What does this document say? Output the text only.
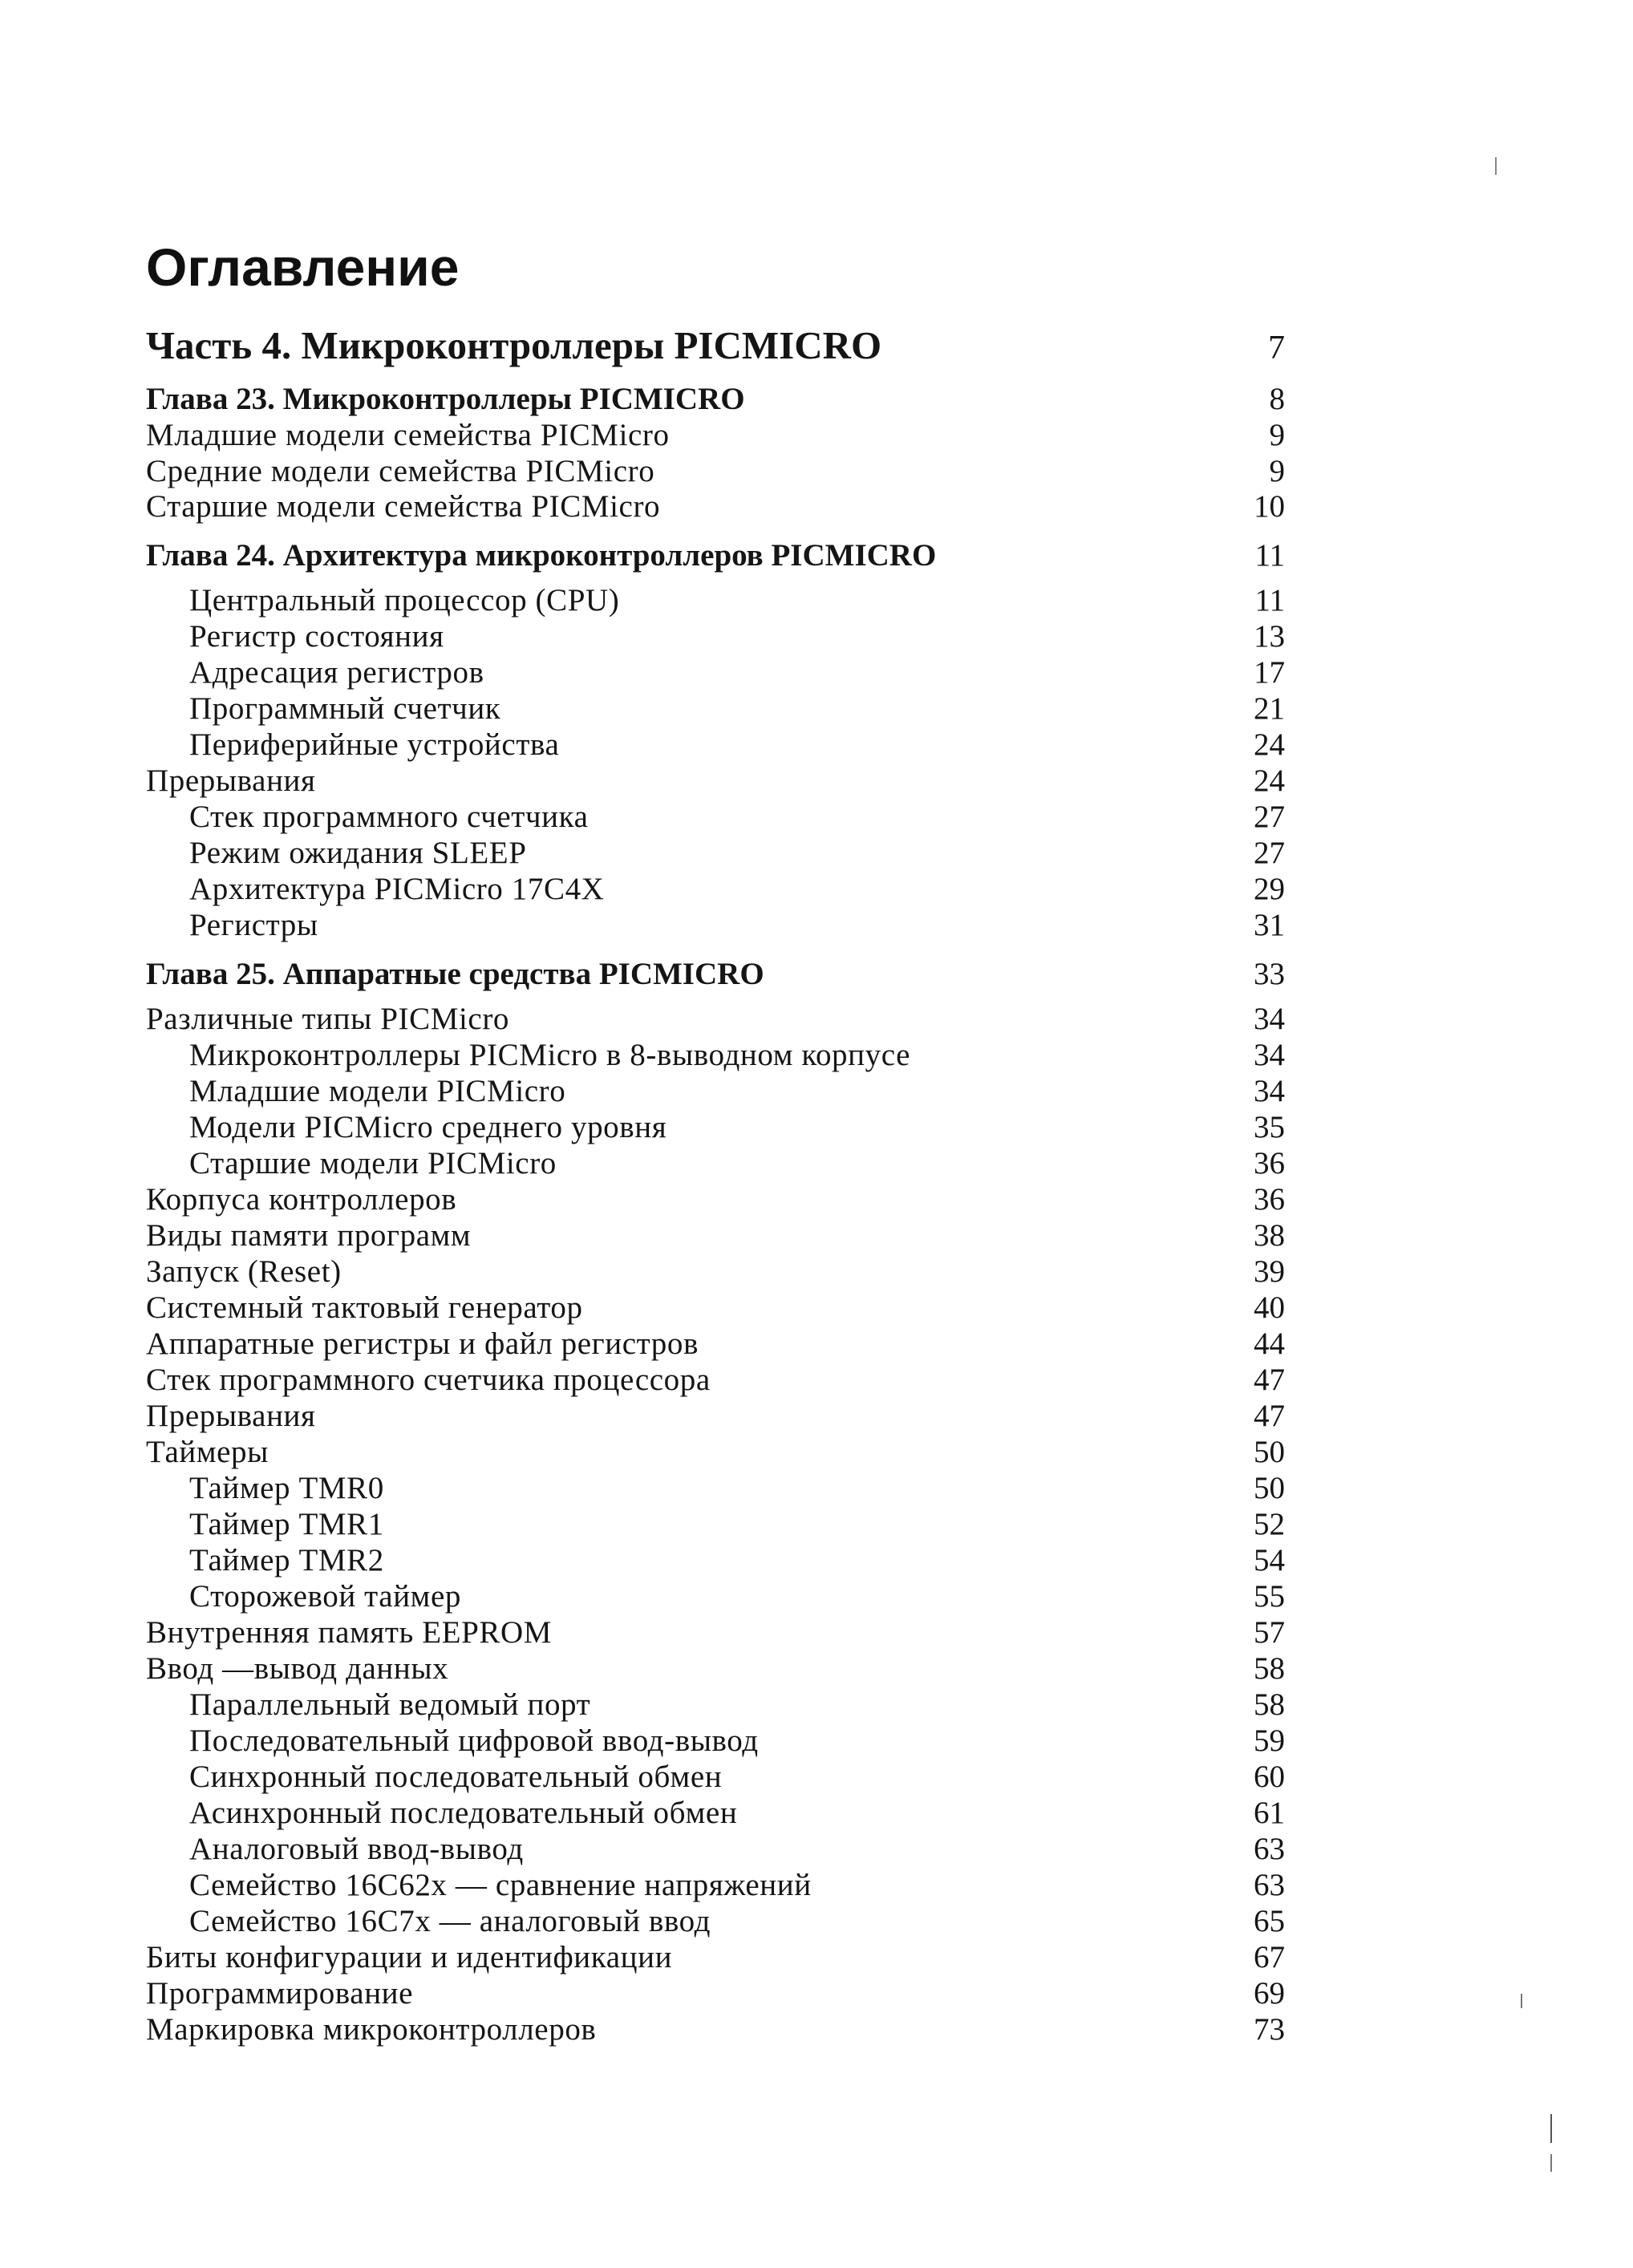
Оглавление
Часть 4. Микроконтроллеры PICMICRO	7
Глава 23. Микроконтроллеры PICMICRO	8
Младшие модели семейства PICMicro	9
Средние модели семейства PICMicro	9
Старшие модели семейства PICMicro	10
Глава 24. Архитектура микроконтроллеров PICMICRO	11
Центральный процессор (CPU)	11
Регистр состояния	13
Адресация регистров	17
Программный счетчик	21
Периферийные устройства	24
Прерывания	24
Стек программного счетчика	27
Режим ожидания SLEEP	27
Архитектура PICMicro 17C4X	29
Регистры	31
Глава 25. Аппаратные средства PICMICRO	33
Различные типы PICMicro	34
Микроконтроллеры PICMicro в 8-выводном корпусе	34
Младшие модели PICMicro	34
Модели PICMicro среднего уровня	35
Старшие модели PICMicro	36
Корпуса контроллеров	36
Виды памяти программ	38
Запуск (Reset)	39
Системный тактовый генератор	40
Аппаратные регистры и файл регистров	44
Стек программного счетчика процессора	47
Прерывания	47
Таймеры	50
Таймер TMR0	50
Таймер TMR1	52
Таймер TMR2	54
Сторожевой таймер	55
Внутренняя память EEPROM	57
Ввод —вывод данных	58
Параллельный ведомый порт	58
Последовательный цифровой ввод-вывод	59
Синхронный последовательный обмен	60
Асинхронный последовательный обмен	61
Аналоговый ввод-вывод	63
Семейство 16C62x — сравнение напряжений	63
Семейство 16C7x — аналоговый ввод	65
Биты конфигурации и идентификации	67
Программирование	69
Маркировка микроконтроллеров	73
